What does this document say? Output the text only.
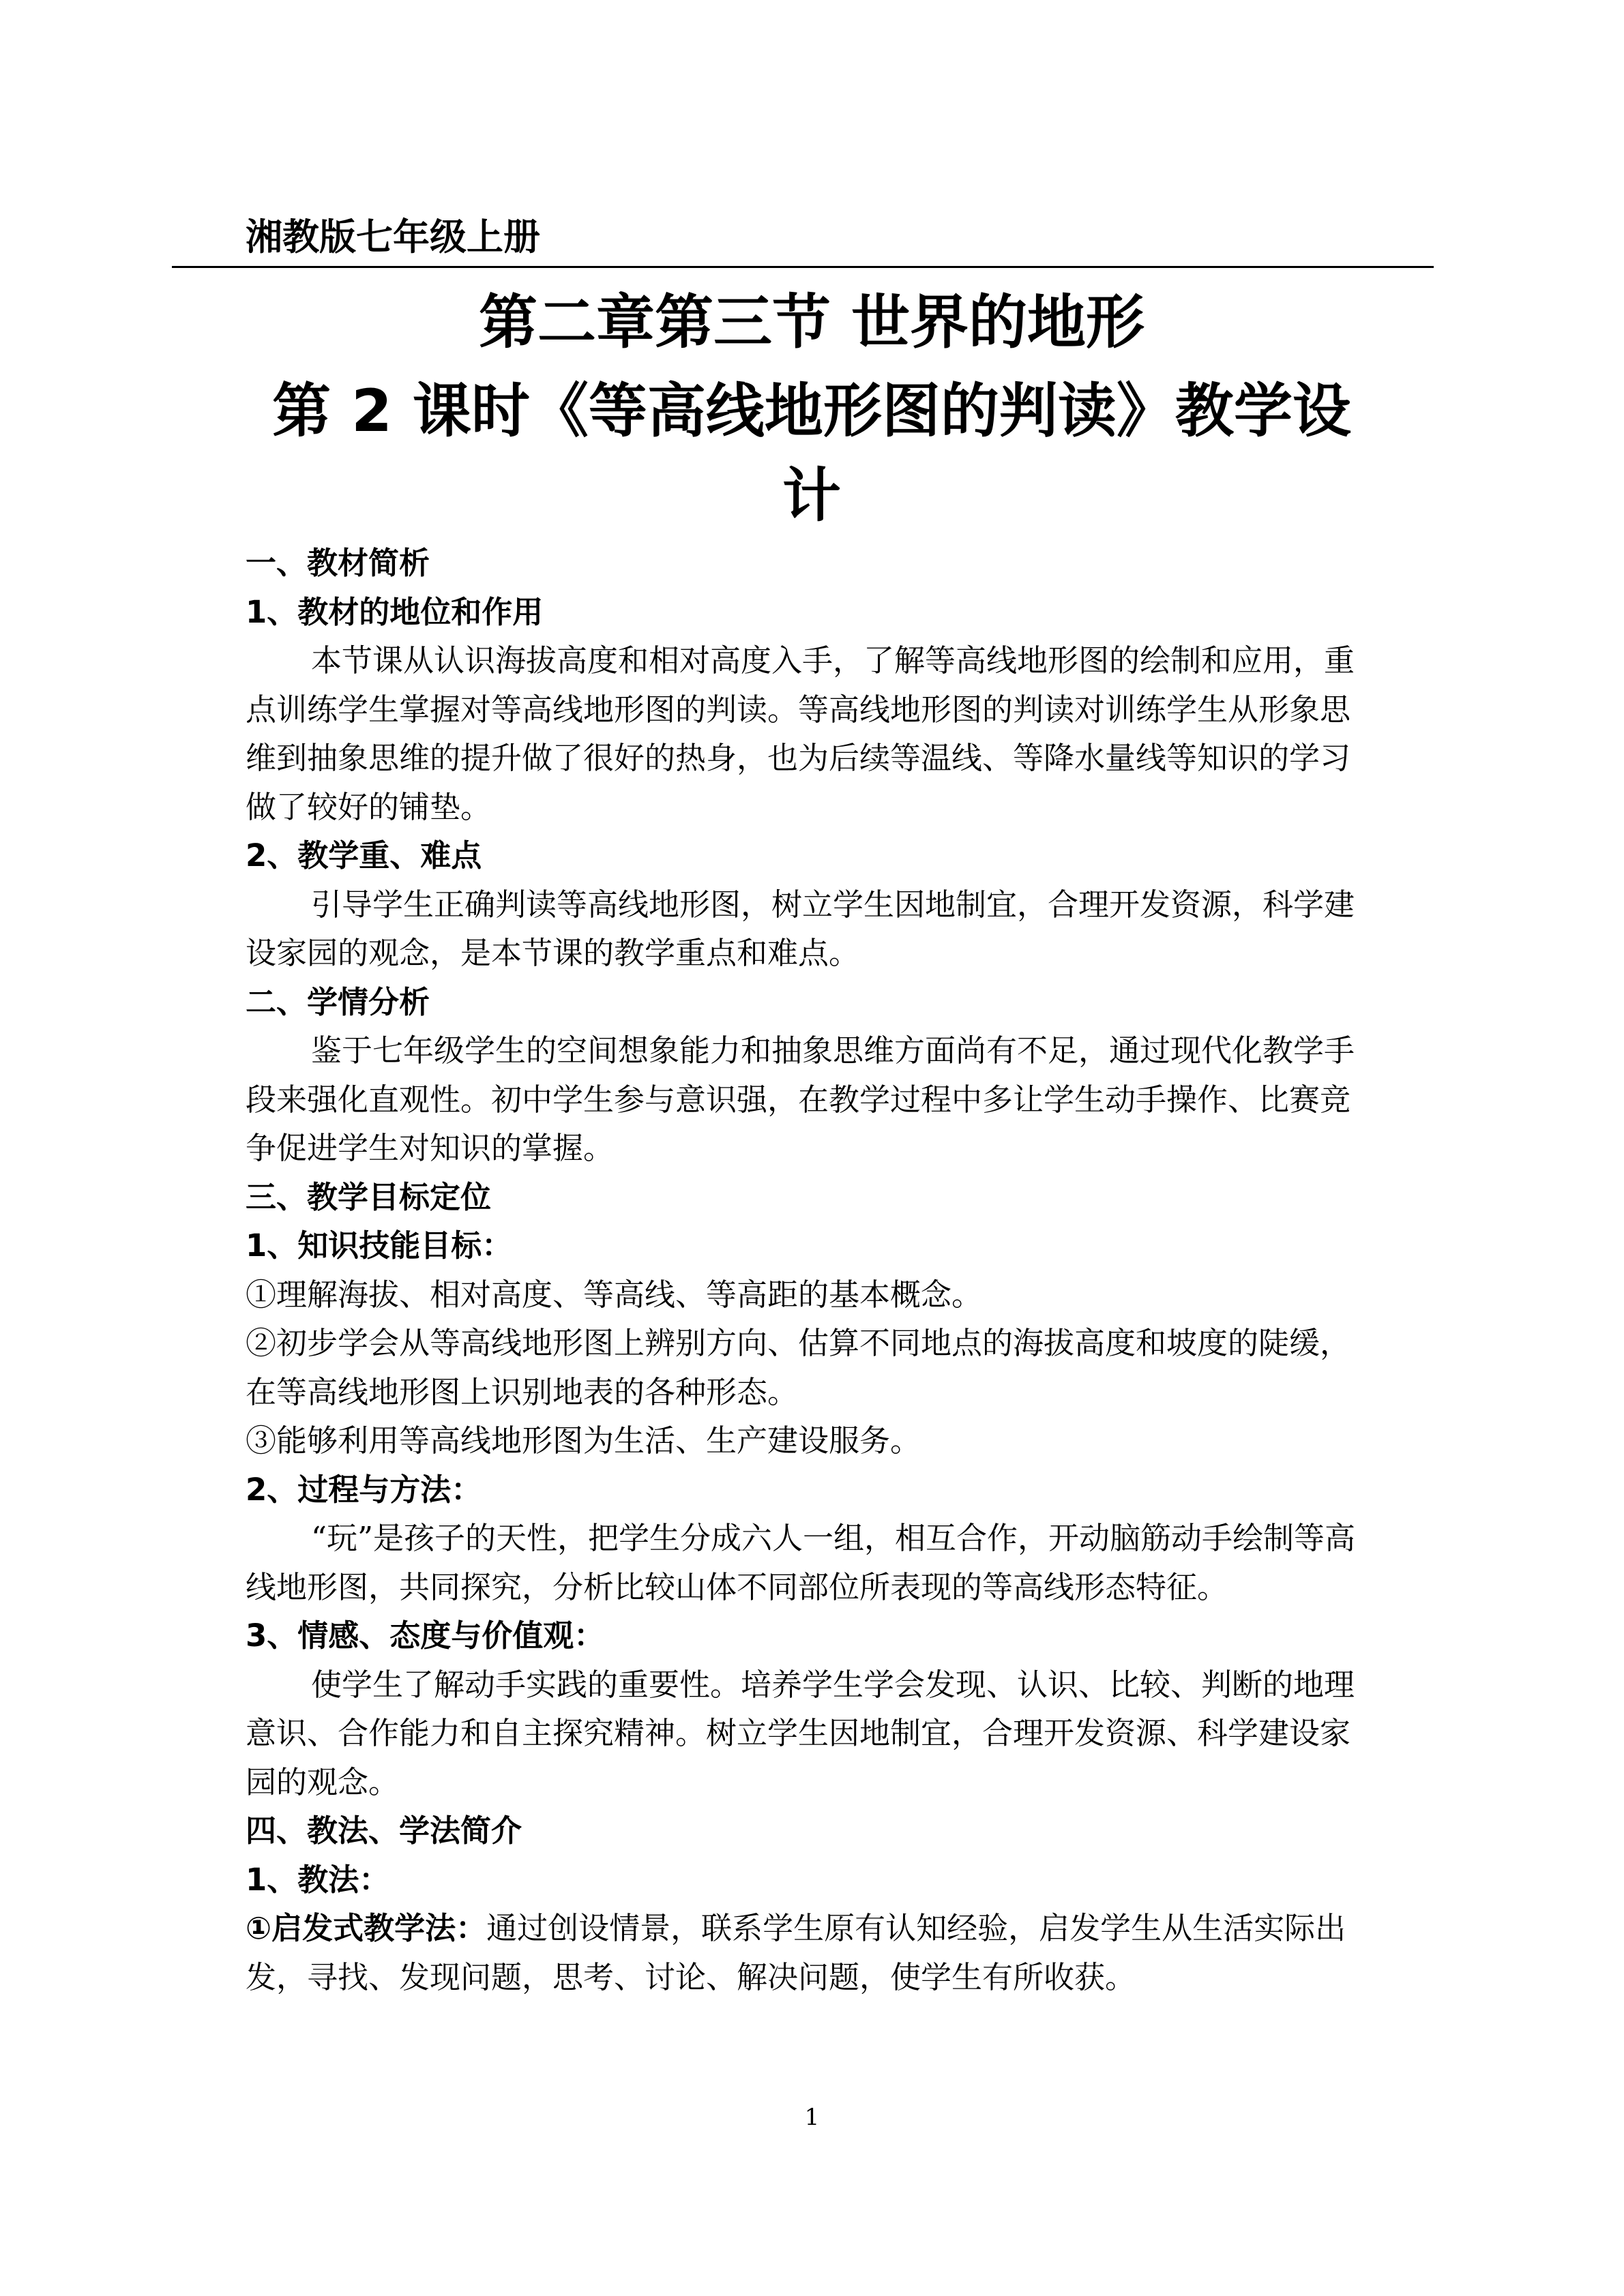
湘教版七年级上册
第二章第三节 世界的地形
第 2 课时《等高线地形图的判读》教学设
计

一、教材简析

1、教材的地位和作用

本节课从认识海拔高度和相对高度入手，了解等高线地形图的绘制和应用，重点训练学生掌握对等高线地形图的判读。等高线地形图的判读对训练学生从形象思维到抽象思维的提升做了很好的热身，也为后续等温线、等降水量线等知识的学习做了较好的铺垫。

2、教学重、难点

引导学生正确判读等高线地形图，树立学生因地制宜，合理开发资源，科学建设家园的观念，是本节课的教学重点和难点。

二、学情分析

鉴于七年级学生的空间想象能力和抽象思维方面尚有不足，通过现代化教学手段来强化直观性。初中学生参与意识强，在教学过程中多让学生动手操作、比赛竞争促进学生对知识的掌握。

三、教学目标定位

1、知识技能目标：

①理解海拔、相对高度、等高线、等高距的基本概念。

②初步学会从等高线地形图上辨别方向、估算不同地点的海拔高度和坡度的陡缓，在等高线地形图上识别地表的各种形态。

③能够利用等高线地形图为生活、生产建设服务。

2、过程与方法：

“玩”是孩子的天性，把学生分成六人一组，相互合作，开动脑筋动手绘制等高线地形图，共同探究，分析比较山体不同部位所表现的等高线形态特征。

3、情感、态度与价值观：

使学生了解动手实践的重要性。培养学生学会发现、认识、比较、判断的地理意识、合作能力和自主探究精神。树立学生因地制宜，合理开发资源、科学建设家园的观念。

四、教法、学法简介

1、教法：

①启发式教学法：通过创设情景，联系学生原有认知经验，启发学生从生活实际出发，寻找、发现问题，思考、讨论、解决问题，使学生有所收获。

1
